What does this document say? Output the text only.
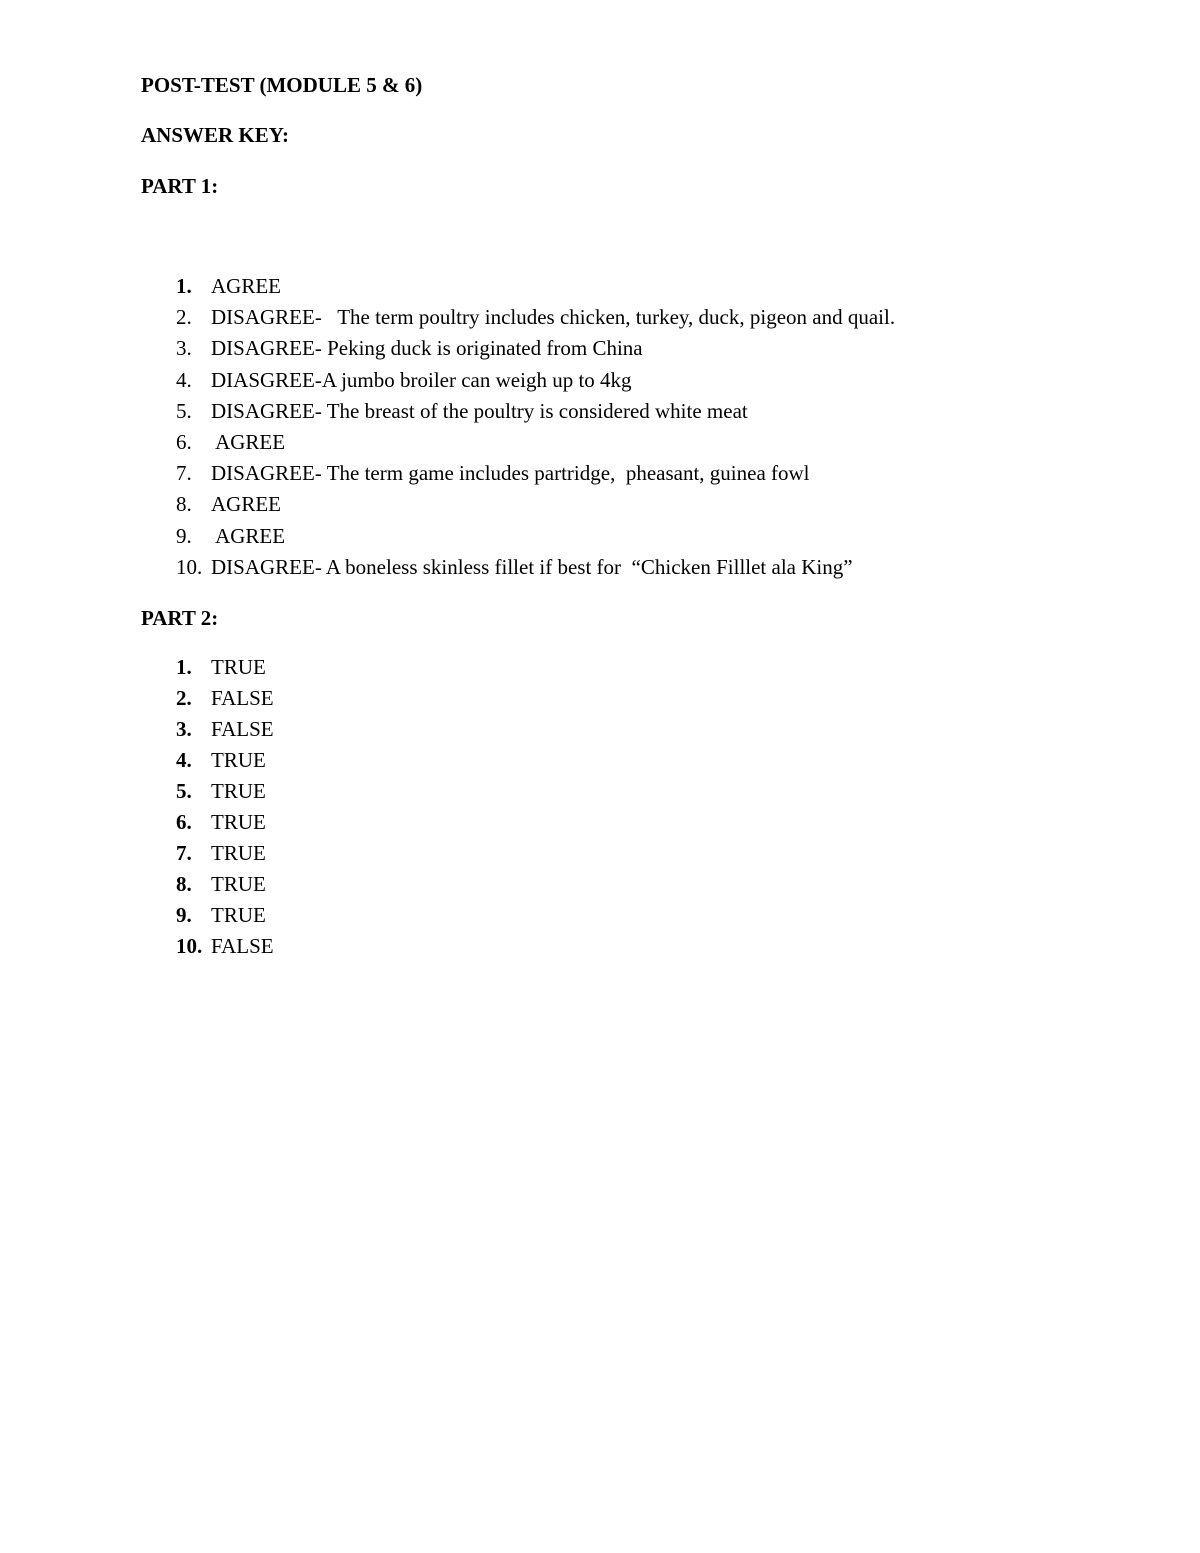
POST-TEST (MODULE 5 & 6)
ANSWER KEY:
PART 1:
1. AGREE
2. DISAGREE-   The term poultry includes chicken, turkey, duck, pigeon and quail.
3. DISAGREE- Peking duck is originated from China
4. DIASGREE-A jumbo broiler can weigh up to 4kg
5. DISAGREE- The breast of the poultry is considered white meat
6. AGREE
7. DISAGREE- The term game includes partridge,  pheasant, guinea fowl
8. AGREE
9. AGREE
10. DISAGREE- A boneless skinless fillet if best for  “Chicken Filllet ala King”
PART 2:
1. TRUE
2. FALSE
3. FALSE
4. TRUE
5. TRUE
6. TRUE
7. TRUE
8. TRUE
9. TRUE
10. FALSE
